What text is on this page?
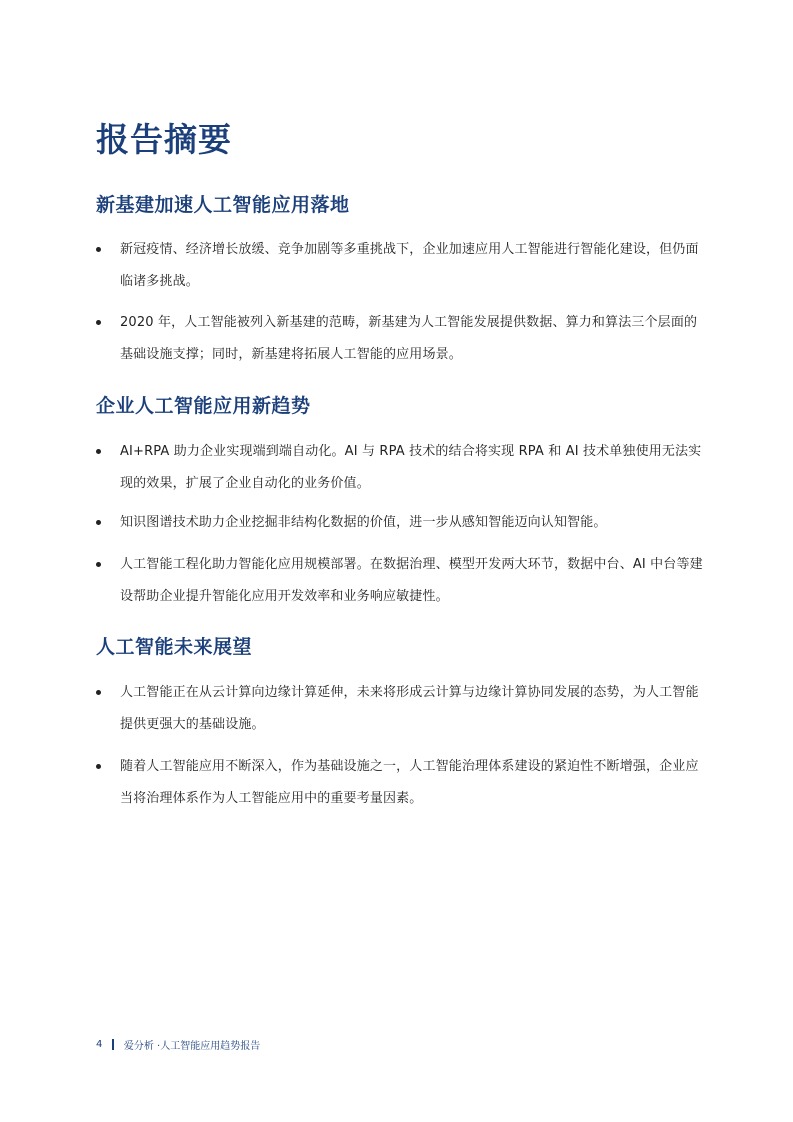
报告摘要
新基建加速人工智能应用落地
新冠疫情、经济增长放缓、竞争加剧等多重挑战下，企业加速应用人工智能进行智能化建设，但仍面临诸多挑战。
2020 年，人工智能被列入新基建的范畴，新基建为人工智能发展提供数据、算力和算法三个层面的基础设施支撑；同时，新基建将拓展人工智能的应用场景。
企业人工智能应用新趋势
AI+RPA 助力企业实现端到端自动化。AI 与 RPA 技术的结合将实现 RPA 和 AI 技术单独使用无法实现的效果，扩展了企业自动化的业务价值。
知识图谱技术助力企业挖掘非结构化数据的价值，进一步从感知智能迈向认知智能。
人工智能工程化助力智能化应用规模部署。在数据治理、模型开发两大环节，数据中台、AI 中台等建设帮助企业提升智能化应用开发效率和业务响应敏捷性。
人工智能未来展望
人工智能正在从云计算向边缘计算延伸，未来将形成云计算与边缘计算协同发展的态势，为人工智能提供更强大的基础设施。
随着人工智能应用不断深入，作为基础设施之一，人工智能治理体系建设的紧迫性不断增强，企业应当将治理体系作为人工智能应用中的重要考量因素。
4 爱分析 ·人工智能应用趋势报告
